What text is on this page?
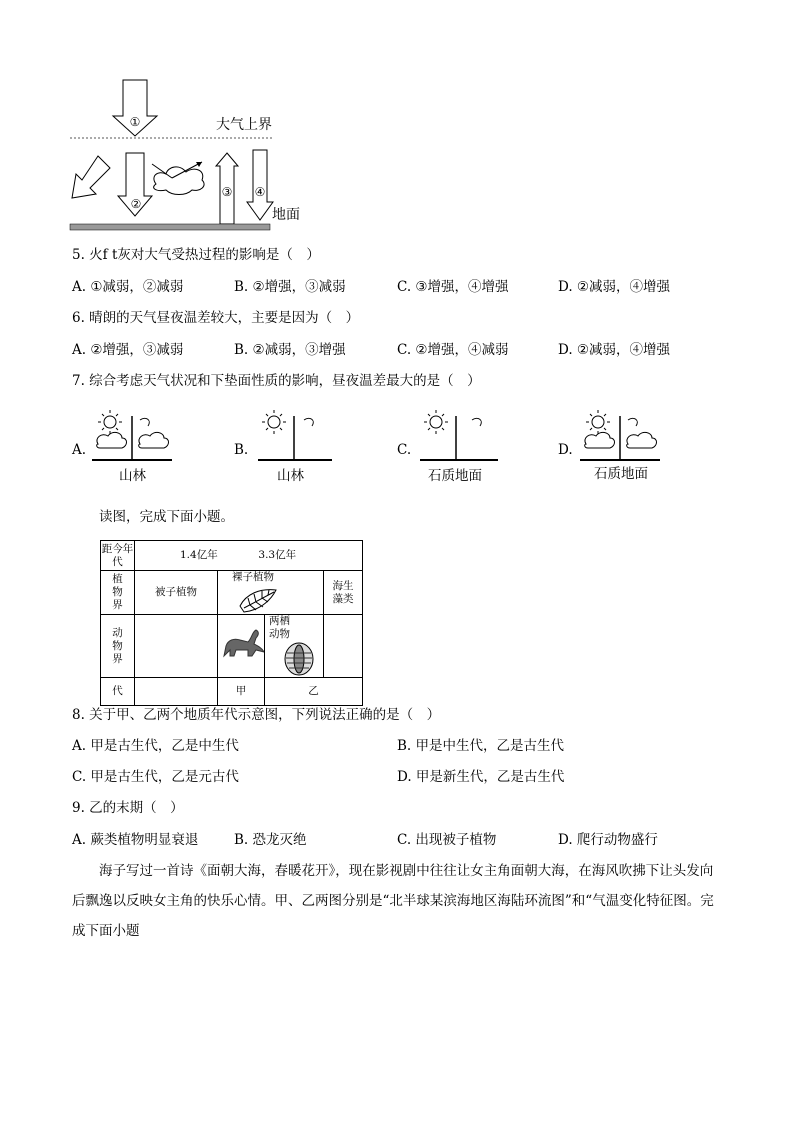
①
②
③ ④
大气上界
地面
5. 火f t灰对大气受热过程的影响是（　）
A. ①减弱，②减弱	B. ②增强，③减弱	C. ③增强，④增强	D. ②减弱，④增强
6. 晴朗的天气昼夜温差较大，主要是因为（　）
A. ②增强，③减弱	B. ②减弱，③增强	C. ②增强，④减弱	D. ②减弱，④增强
7. 综合考虑天气状况和下垫面性质的影响，昼夜温差最大的是（　）
A.
山林
B.
山林
C.
石质地面
D.
石质地面
读图，完成下面小题。
距今年代	1.4亿年 3.3亿年			
植物界	被子植物	裸子植物		海生藻类
动物界			两栖动物	
代		甲	乙	
8. 关于甲、乙两个地质年代示意图，下列说法正确的是（　）
A. 甲是古生代，乙是中生代	B. 甲是中生代，乙是古生代
C. 甲是古生代，乙是元古代	D. 甲是新生代，乙是古生代
9. 乙的末期（　）
A. 蕨类植物明显衰退	B. 恐龙灭绝	C. 出现被子植物	D. 爬行动物盛行
海子写过一首诗《面朝大海，春暖花开》，现在影视剧中往往让女主角面朝大海，在海风吹拂下让头发向后飘逸以反映女主角的快乐心情。甲、乙两图分别是“北半球某滨海地区海陆环流图”和“气温变化特征图。完成下面小题
